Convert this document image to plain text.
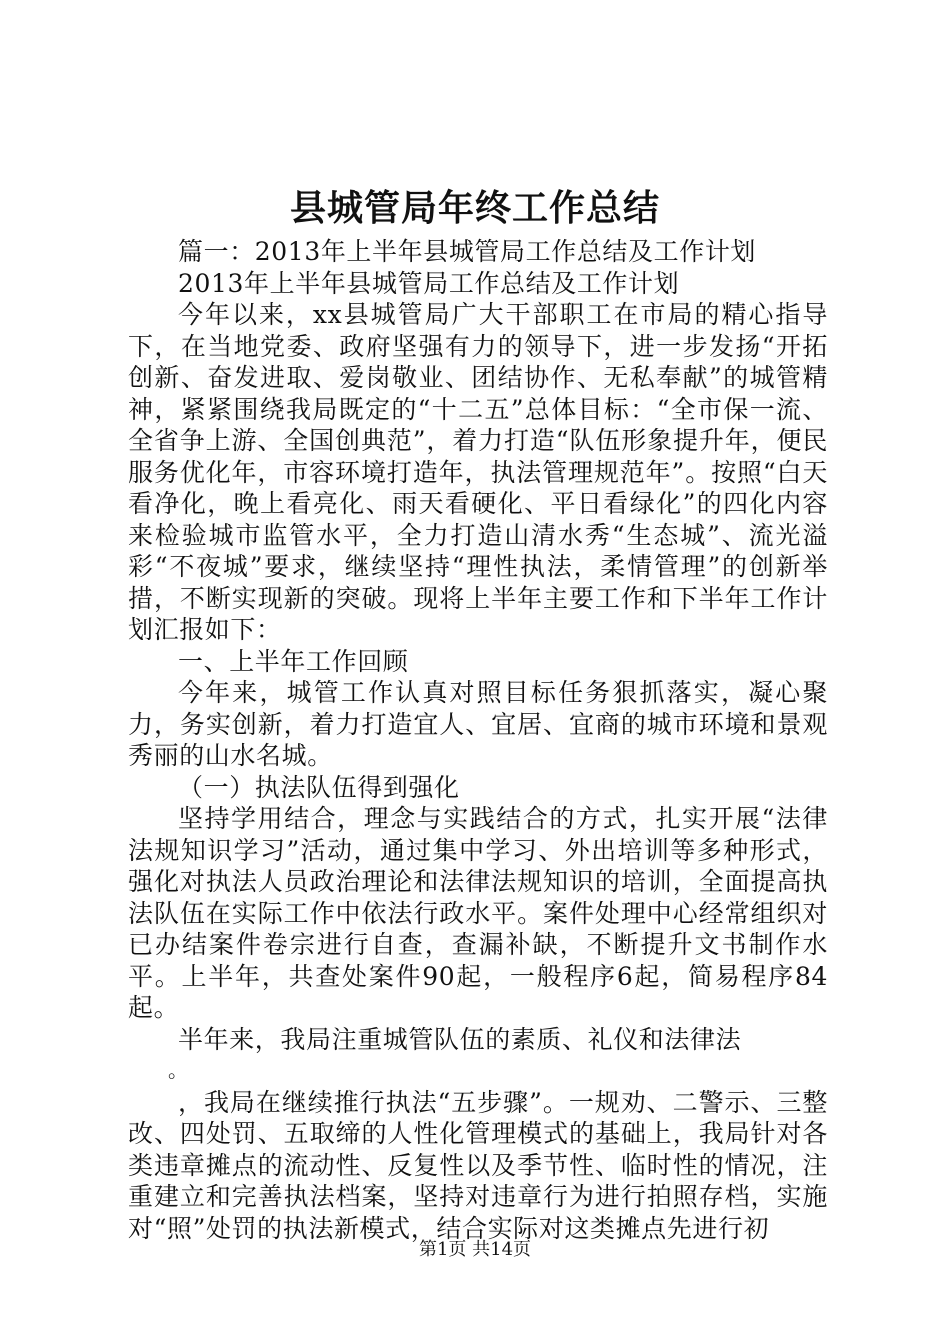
县城管局年终工作总结

篇一：2013年上半年县城管局工作总结及工作计划

2013年上半年县城管局工作总结及工作计划

今年以来，xx县城管局广大干部职工在市局的精心指导下，在当地党委、政府坚强有力的领导下，进一步发扬“开拓创新、奋发进取、爱岗敬业、团结协作、无私奉献”的城管精神，紧紧围绕我局既定的“十二五”总体目标：“全市保一流、全省争上游、全国创典范”，着力打造“队伍形象提升年，便民服务优化年，市容环境打造年，执法管理规范年”。按照“白天看净化，晚上看亮化、雨天看硬化、平日看绿化”的四化内容来检验城市监管水平，全力打造山清水秀“生态城”、流光溢彩“不夜城”要求，继续坚持“理性执法，柔情管理”的创新举措，不断实现新的突破。现将上半年主要工作和下半年工作计划汇报如下：

一、上半年工作回顾

今年来，城管工作认真对照目标任务狠抓落实，凝心聚力，务实创新，着力打造宜人、宜居、宜商的城市环境和景观秀丽的山水名城。

（一）执法队伍得到强化

坚持学用结合，理念与实践结合的方式，扎实开展“法律法规知识学习”活动，通过集中学习、外出培训等多种形式，强化对执法人员政治理论和法律法规知识的培训，全面提高执法队伍在实际工作中依法行政水平。案件处理中心经常组织对已办结案件卷宗进行自查，查漏补缺，不断提升文书制作水平。上半年，共查处案件90起，一般程序6起，简易程序84起。

半年来，我局注重城管队伍的素质、礼仪和法律法

。

，我局在继续推行执法“五步骤”。一规劝、二警示、三整改、四处罚、五取缔的人性化管理模式的基础上，我局针对各类违章摊点的流动性、反复性以及季节性、临时性的情况，注重建立和完善执法档案，坚持对违章行为进行拍照存档，实施对“照”处罚的执法新模式，结合实际对这类摊点先进行初

第1页 共14页
